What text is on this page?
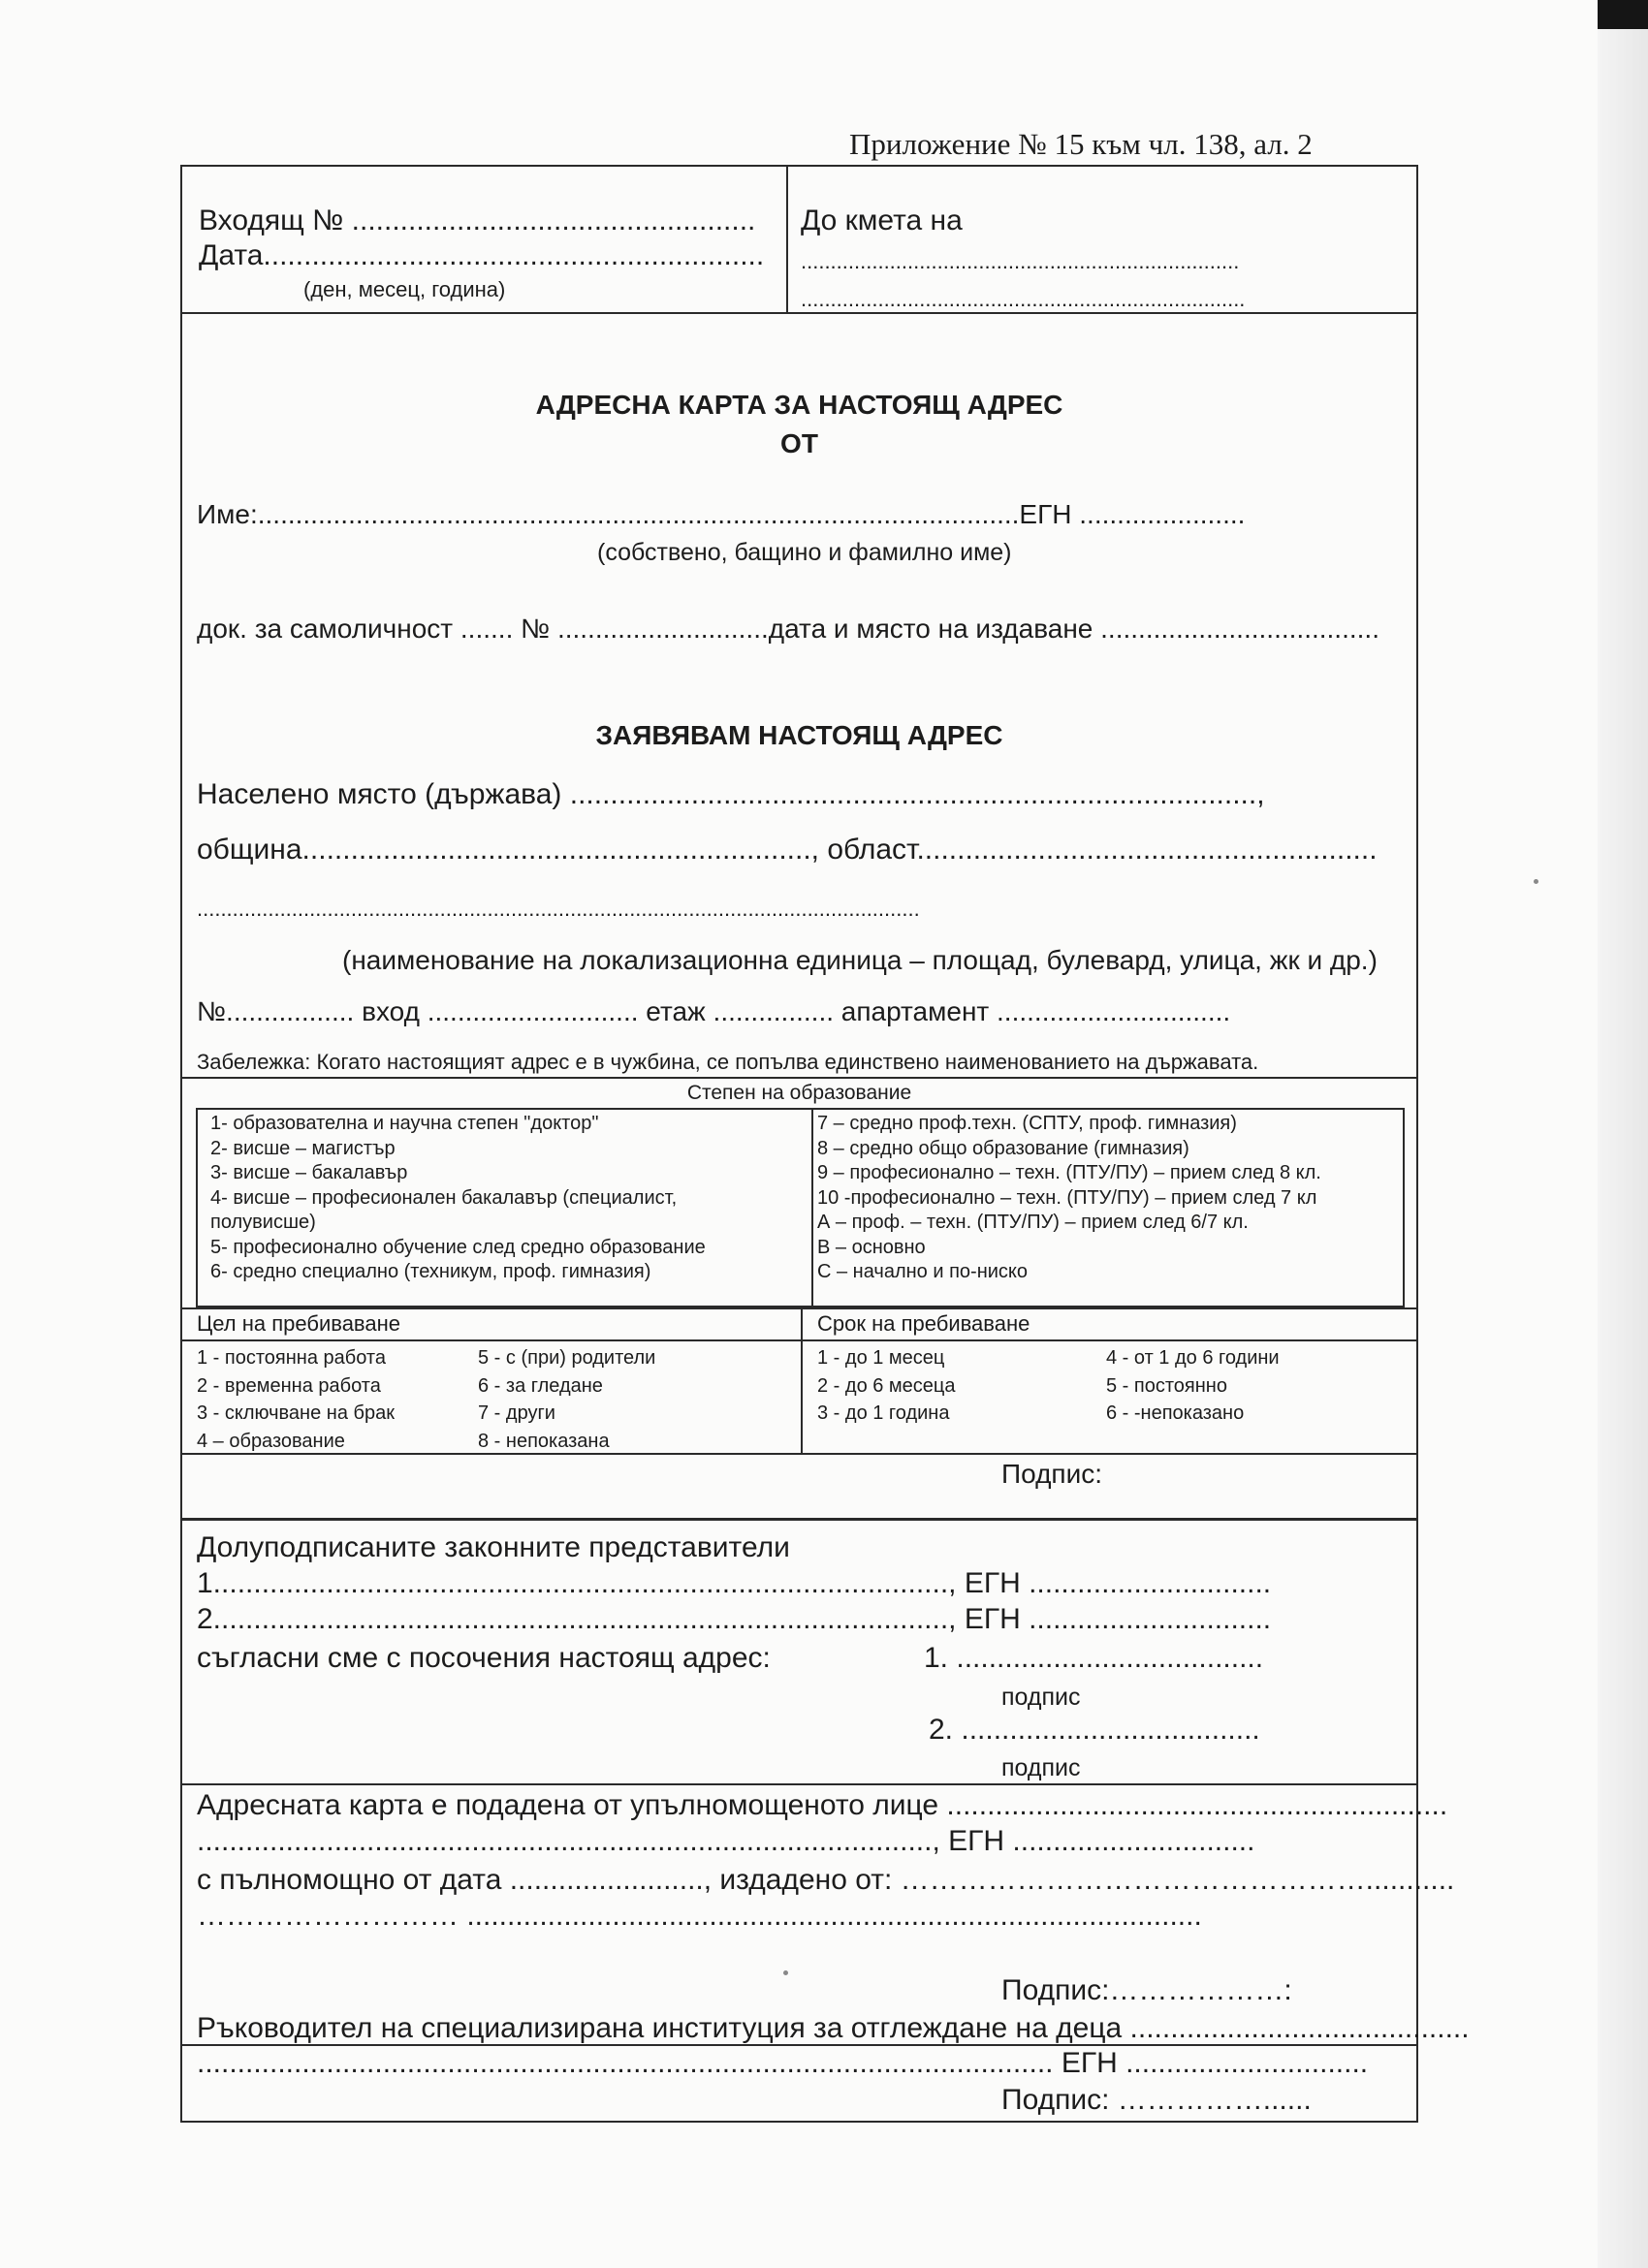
Приложение № 15 към чл. 138, ал. 2
Входящ № ..................................................
Дата..............................................................
(ден, месец, година)
До кмета на
..........................................................................
...........................................................................
АДРЕСНА КАРТА ЗА НАСТОЯЩ АДРЕС
ОТ
Име:.....................................................................................................ЕГН ......................
(собствено, бащино и фамилно име)
док. за самоличност ....... № ............................дата и място на издаване .....................................
ЗАЯВЯВАМ НАСТОЯЩ АДРЕС
Населено място (държава) .....................................................................................,
община..............................................................., област.........................................................
..........................................................................................................................
(наименование на локализационна единица – площад, булевард, улица, жк и др.)
№................. вход ............................ етаж ................ апартамент ...............................
Забележка: Когато настоящият адрес е в чужбина, се попълва единствено наименованието на държавата.
Степен на образование
1- образователна и научна степен "доктор"
2- висше – магистър
3- висше – бакалавър
4- висше – професионален бакалавър (специалист,
полувисше)
5- професионално обучение след средно образование
6- средно специално (техникум, проф. гимназия)
7 – средно проф.техн. (СПТУ, проф. гимназия)
8 – средно общо образование (гимназия)
9 – професионално – техн. (ПТУ/ПУ) – прием след 8 кл.
10 -професионално – техн. (ПТУ/ПУ) – прием след 7 кл
А – проф. – техн. (ПТУ/ПУ) – прием след 6/7 кл.
В – основно
С – начално и по-ниско
Цел на пребиваване	Срок на пребиваване
1 - постоянна работа
2 - временна работа
3 - сключване на брак
4 – образование
5 - с (при) родители
6 - за гледане
7 - други
8 - непоказана
1 - до 1 месец
2 - до 6 месеца
3 - до 1 година
4 - от 1 до 6 години
5 - постоянно
6 - -непоказано
Подпис:
Долуподписаните законните представители
1..........................................................................................., ЕГН ..............................
2..........................................................................................., ЕГН ..............................
съгласни сме с посочения настоящ адрес:	1. ......................................
подпис
2. .....................................
подпис
Адресната карта е подадена от упълномощеното лице ..............................................................
..........................................................................................., ЕГН ..............................
с пълномощно от дата ........................, издадено от: …………………………………………...........
……………………… ...........................................................................................
Подпис:………………:
Ръководител на специализирана институция за отглеждане на деца ..........................................
.......................................................................................................... ЕГН ..............................
Подпис: ……………......
